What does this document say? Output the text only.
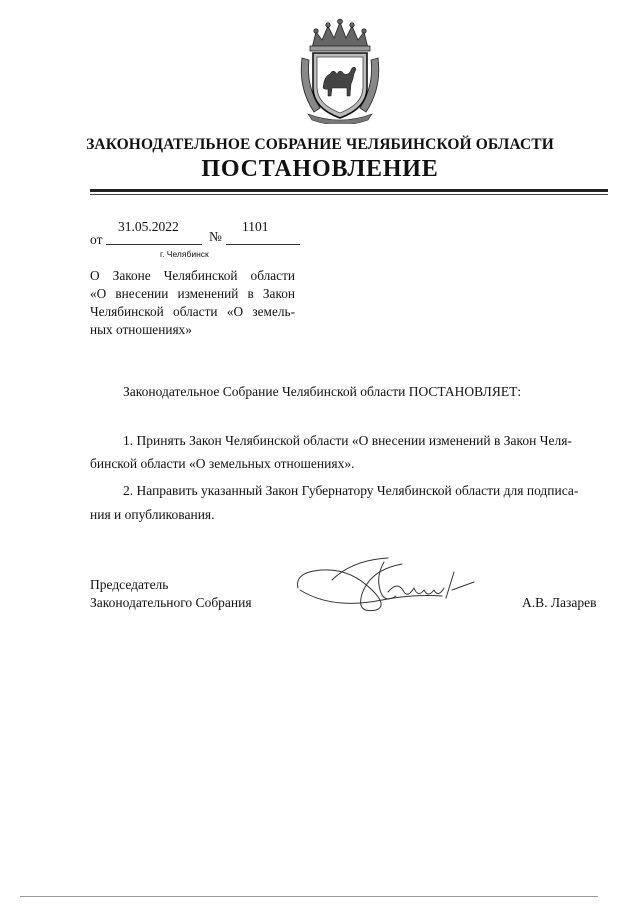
ЗАКОНОДАТЕЛЬНОЕ СОБРАНИЕ ЧЕЛЯБИНСКОЙ ОБЛАСТИ
ПОСТАНОВЛЕНИЕ
31.05.2022	1101
от	№
г. Челябинск
О Законе Челябинской области
«О внесении изменений в Закон
Челябинской области «О земель-
ных отношениях»
Законодательное Собрание Челябинской области ПОСТАНОВЛЯЕТ:
1. Принять Закон Челябинской области «О внесении изменений в Закон Челя-
бинской области «О земельных отношениях».
2. Направить указанный Закон Губернатору Челябинской области для подписа-
ния и опубликования.
Председатель
Законодательного Собрания	А.В. Лазарев
